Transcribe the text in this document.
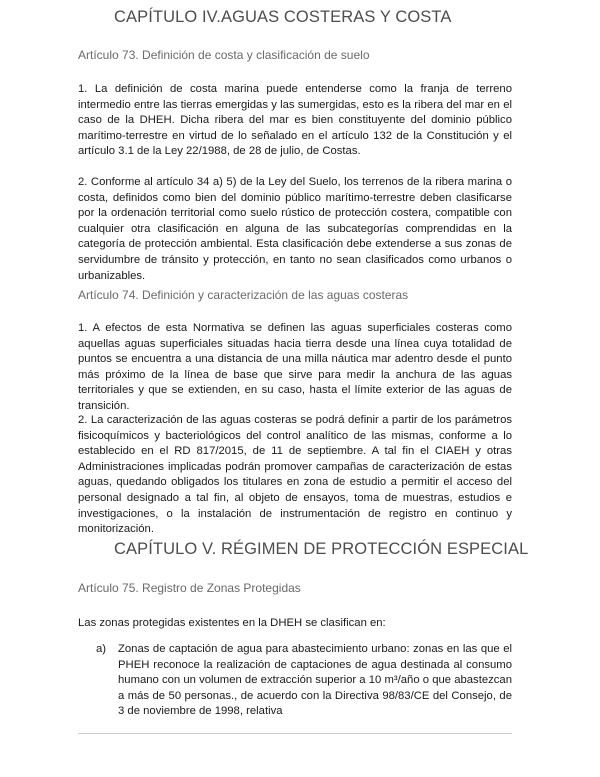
CAPÍTULO IV.AGUAS COSTERAS Y COSTA
Artículo 73. Definición de costa y clasificación de suelo

1. La definición de costa marina puede entenderse como la franja de terreno intermedio entre las tierras emergidas y las sumergidas, esto es la ribera del mar en el caso de la DHEH. Dicha ribera del mar es bien constituyente del dominio público marítimo-terrestre en virtud de lo señalado en el artículo 132 de la Constitución y el artículo 3.1 de la Ley 22/1988, de 28 de julio, de Costas.

2. Conforme al artículo 34 a) 5) de la Ley del Suelo, los terrenos de la ribera marina o costa, definidos como bien del dominio público marítimo-terrestre deben clasificarse por la ordenación territorial como suelo rústico de protección costera, compatible con cualquier otra clasificación en alguna de las subcategorías comprendidas en la categoría de protección ambiental. Esta clasificación debe extenderse a sus zonas de servidumbre de tránsito y protección, en tanto no sean clasificados como urbanos o urbanizables.

Artículo 74. Definición y caracterización de las aguas costeras

1. A efectos de esta Normativa se definen las aguas superficiales costeras como aquellas aguas superficiales situadas hacia tierra desde una línea cuya totalidad de puntos se encuentra a una distancia de una milla náutica mar adentro desde el punto más próximo de la línea de base que sirve para medir la anchura de las aguas territoriales y que se extienden, en su caso, hasta el límite exterior de las aguas de transición.

2. La caracterización de las aguas costeras se podrá definir a partir de los parámetros fisicoquímicos y bacteriológicos del control analítico de las mismas, conforme a lo establecido en el RD 817/2015, de 11 de septiembre. A tal fin el CIAEH y otras Administraciones implicadas podrán promover campañas de caracterización de estas aguas, quedando obligados los titulares en zona de estudio a permitir el acceso del personal designado a tal fin, al objeto de ensayos, toma de muestras, estudios e investigaciones, o la instalación de instrumentación de registro en continuo y monitorización.

CAPÍTULO V. RÉGIMEN DE PROTECCIÓN ESPECIAL
Artículo 75. Registro de Zonas Protegidas

Las zonas protegidas existentes en la DHEH se clasifican en:

a) Zonas de captación de agua para abastecimiento urbano: zonas en las que el PHEH reconoce la realización de captaciones de agua destinada al consumo humano con un volumen de extracción superior a 10 m³/año o que abastezcan a más de 50 personas., de acuerdo con la Directiva 98/83/CE del Consejo, de 3 de noviembre de 1998, relativa
